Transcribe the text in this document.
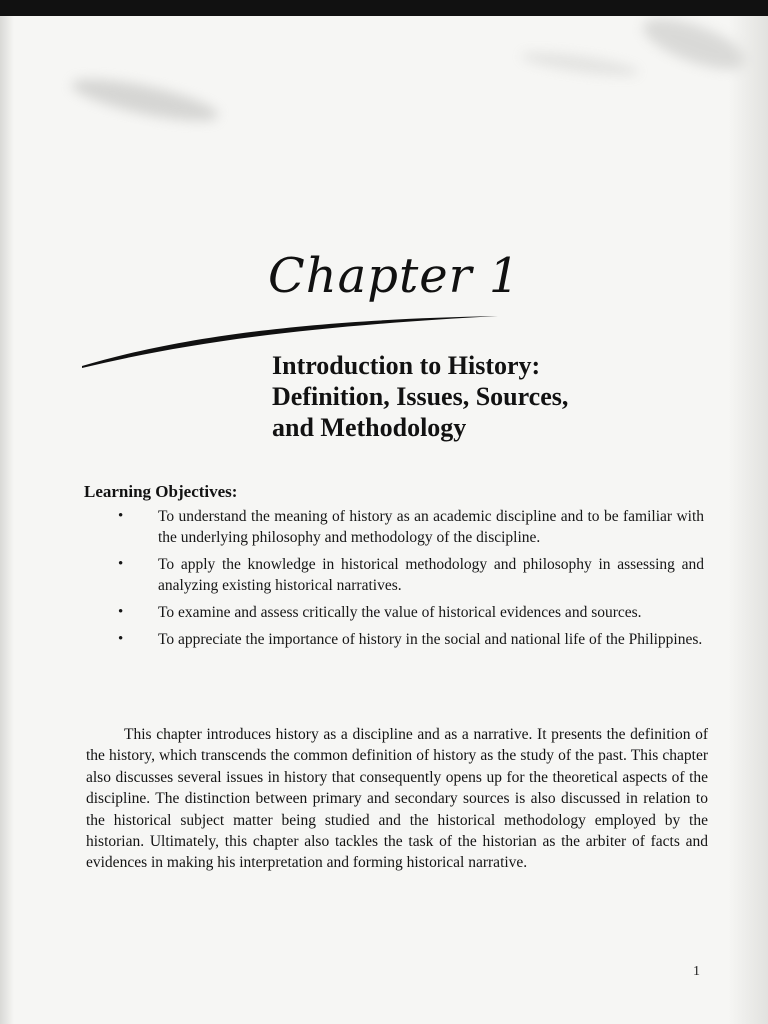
Chapter 1
Introduction to History:
Definition, Issues, Sources,
and Methodology
Learning Objectives:
• To understand the meaning of history as an academic discipline and to be familiar with the underlying philosophy and methodology of the discipline.
• To apply the knowledge in historical methodology and philosophy in assessing and analyzing existing historical narratives.
• To examine and assess critically the value of historical evidences and sources.
• To appreciate the importance of history in the social and national life of the Philippines.

This chapter introduces history as a discipline and as a narrative. It presents the definition of the history, which transcends the common definition of history as the study of the past. This chapter also discusses several issues in history that consequently opens up for the theoretical aspects of the discipline. The distinction between primary and secondary sources is also discussed in relation to the historical subject matter being studied and the historical methodology employed by the historian. Ultimately, this chapter also tackles the task of the historian as the arbiter of facts and evidences in making his interpretation and forming historical narrative.

1
